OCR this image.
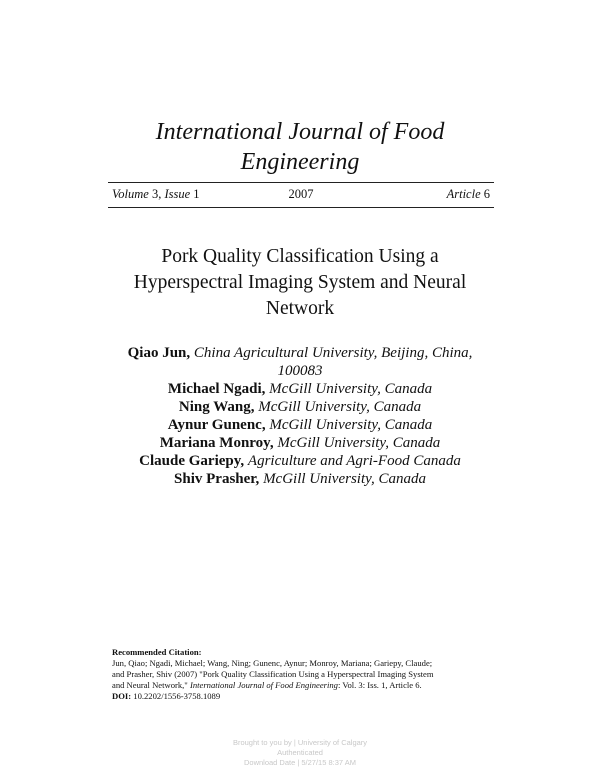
International Journal of Food
Engineering
Volume 3, Issue 1	2007	Article 6
Pork Quality Classification Using a
Hyperspectral Imaging System and Neural
Network
Qiao Jun, China Agricultural University, Beijing, China,
100083
Michael Ngadi, McGill University, Canada
Ning Wang, McGill University, Canada
Aynur Gunenc, McGill University, Canada
Mariana Monroy, McGill University, Canada
Claude Gariepy, Agriculture and Agri-Food Canada
Shiv Prasher, McGill University, Canada
Recommended Citation:
Jun, Qiao; Ngadi, Michael; Wang, Ning; Gunenc, Aynur; Monroy, Mariana; Gariepy, Claude;
and Prasher, Shiv (2007) "Pork Quality Classification Using a Hyperspectral Imaging System
and Neural Network," International Journal of Food Engineering: Vol. 3: Iss. 1, Article 6.
DOI: 10.2202/1556-3758.1089
Brought to you by | University of Calgary
Authenticated
Download Date | 5/27/15 8:37 AM
